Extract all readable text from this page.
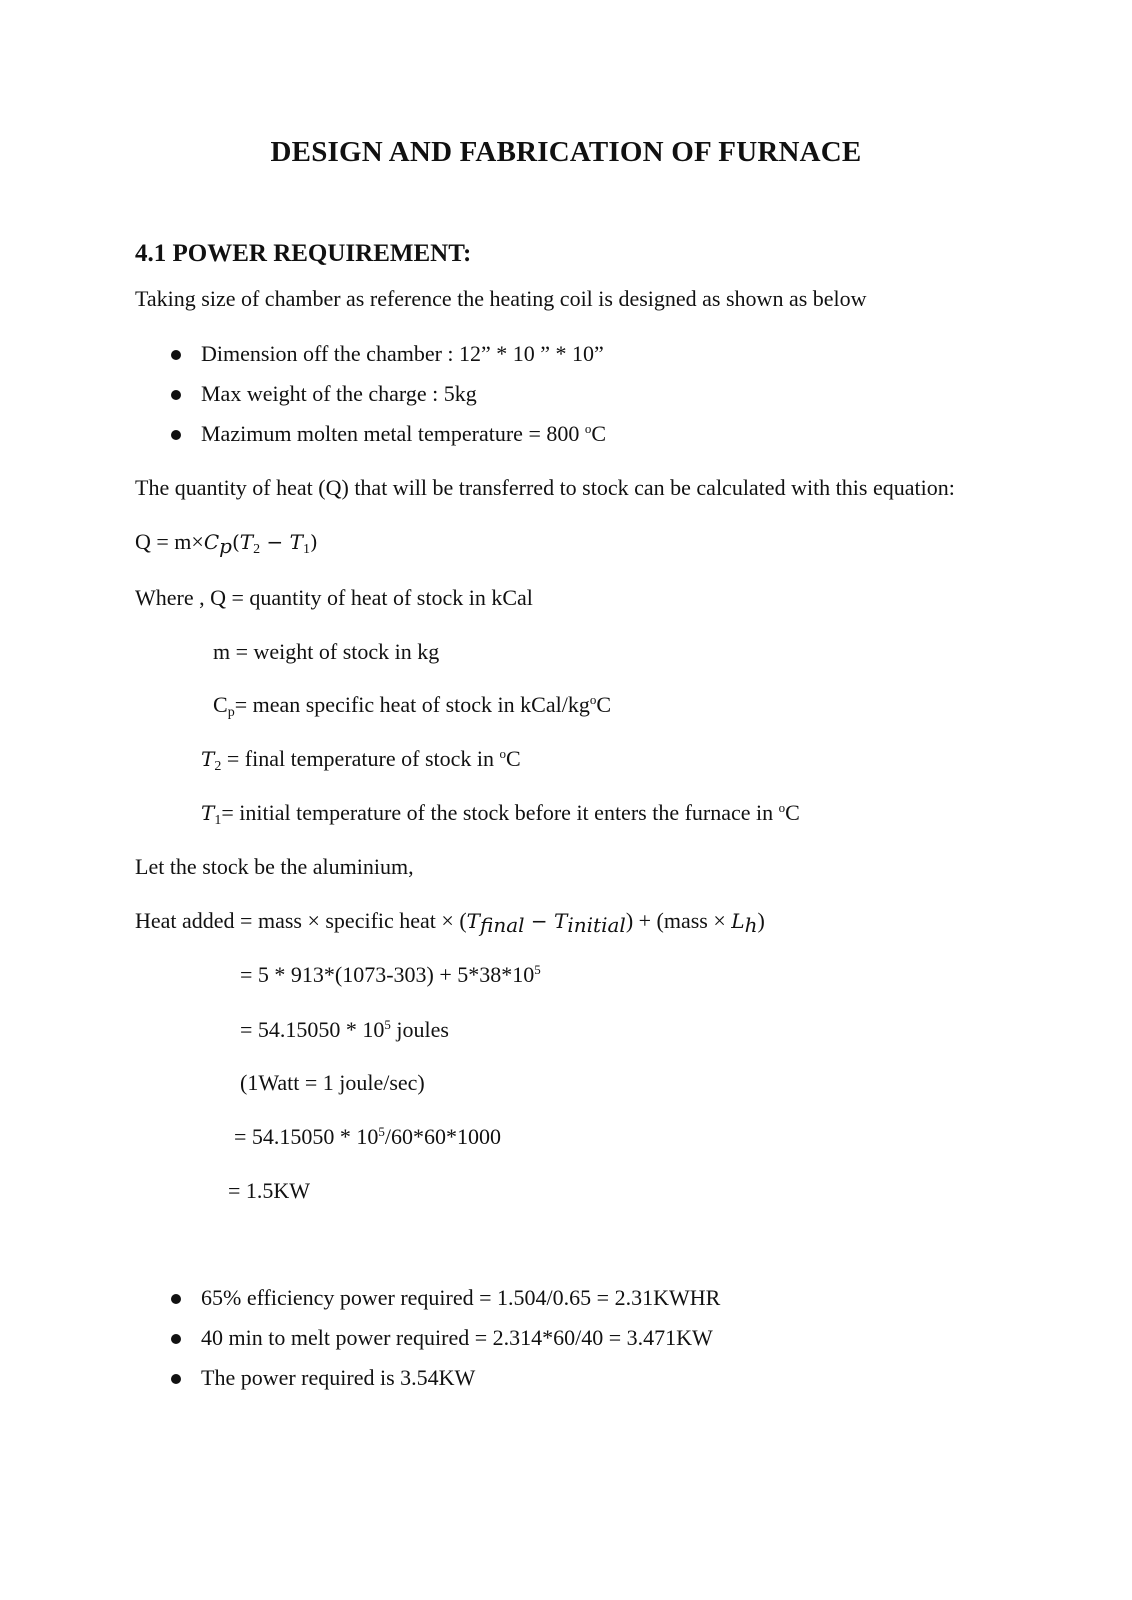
DESIGN AND FABRICATION OF FURNACE
4.1 POWER REQUIREMENT:
Taking size of chamber as reference the heating coil is designed as shown as below
Dimension off the chamber : 12” * 10 ” * 10”
Max weight of the charge : 5kg
Mazimum molten metal temperature = 800 $^o$C
The quantity of heat (Q) that will be transferred to stock can be calculated with this equation:
$Q = m\times C_p(T_2 - T_1)$
Where , Q = quantity of heat of stock in kCal
m = weight of stock in kg
$C_p=$ mean specific heat of stock in kCal/$kg^oC$
$T_2$ = final temperature of stock in $^o$C
$T_1=$ initial temperature of the stock before it enters the furnace in $^o$C
Let the stock be the aluminium,
Heat added = mass × specific heat × $(T_{final} - T_{initial})$ + (mass × $L_h$)
= $5 * 913*(1073-303) + 5*38*10^5$
= $54.15050 * 10^5$ joules
(1Watt = 1 joule/sec)
= $54.15050 * 10^5/60*60*1000$
= 1.5KW
65% efficiency power required = 1.504/0.65 = 2.31KWHR
40 min to melt power required = 2.314*60/40 = 3.471KW
The power required is 3.54KW
